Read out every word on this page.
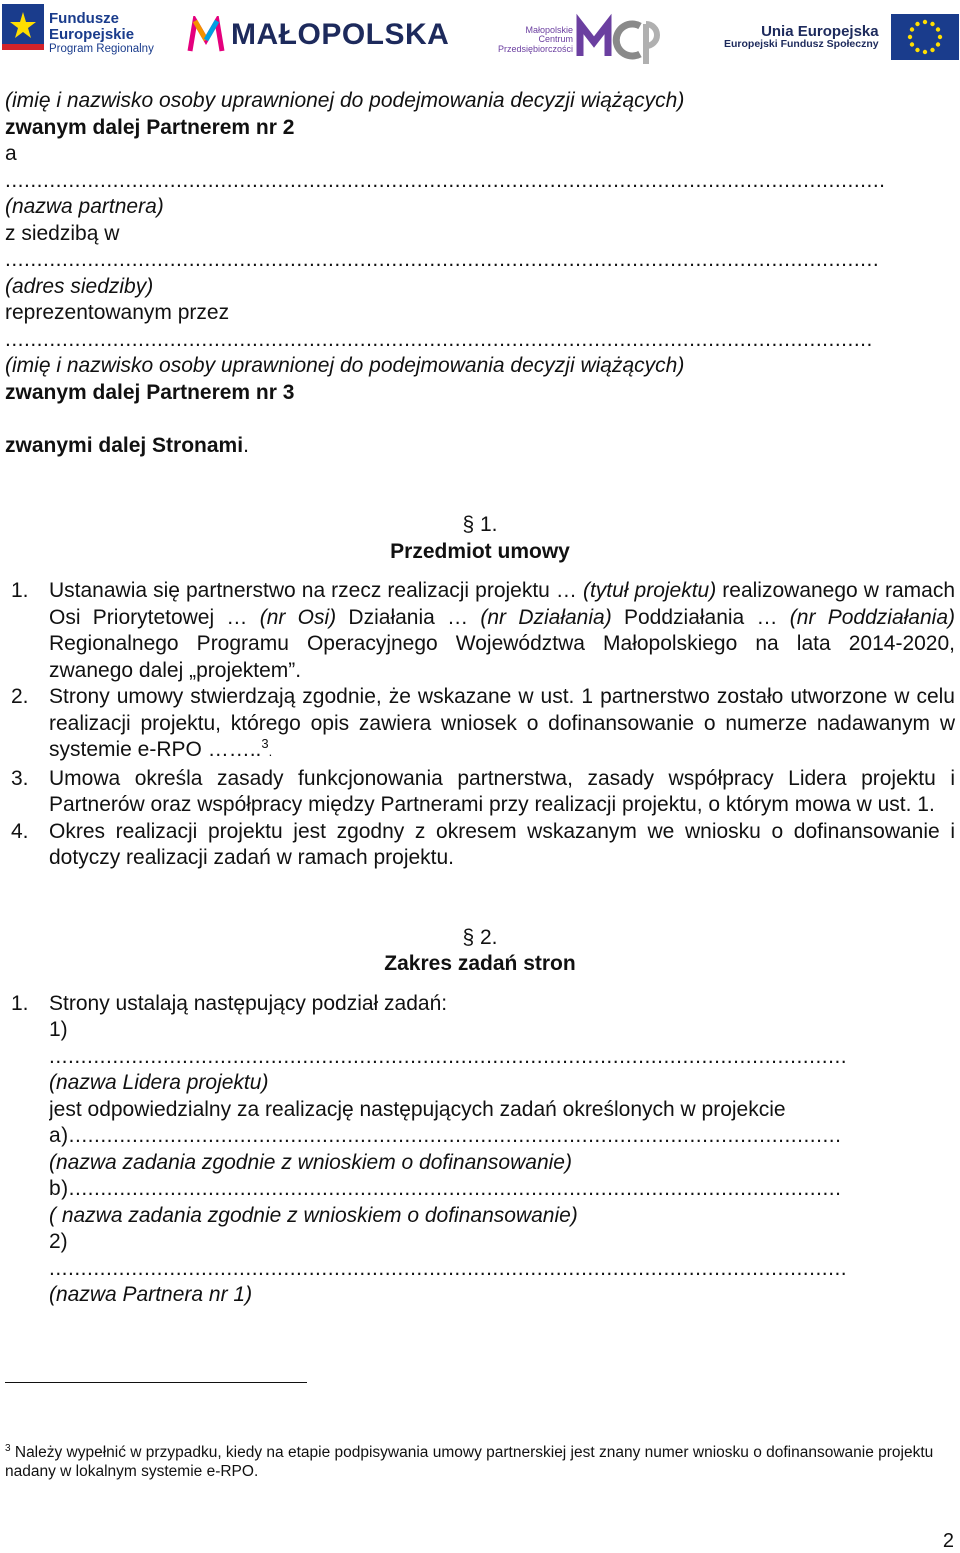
Fundusze
Europejskie
Program Regionalny	MAŁOPOLSKA	Małopolskie
Centrum
Przedsiębiorczości
Unia Europejska
Europejski Fundusz Społeczny
(imię i nazwisko osoby uprawnionej do podejmowania decyzji wiążących)
zwanym dalej Partnerem nr 2
a
...........................................................................................................................................
(nazwa partnera)
z siedzibą w
..........................................................................................................................................
(adres siedziby)
reprezentowanym przez
.........................................................................................................................................
(imię i nazwisko osoby uprawnionej do podejmowania decyzji wiążących)
zwanym dalej Partnerem nr 3
zwanymi dalej Stronami.
§ 1.
Przedmiot umowy
1. Ustanawia się partnerstwo na rzecz realizacji projektu … (tytuł projektu) realizowanego w ramach Osi Priorytetowej … (nr Osi) Działania … (nr Działania) Poddziałania … (nr Poddziałania) Regionalnego Programu Operacyjnego Województwa Małopolskiego na lata 2014-2020, zwanego dalej „projektem”.
2. Strony umowy stwierdzają zgodnie, że wskazane w ust. 1 partnerstwo zostało utworzone w celu realizacji projektu, którego opis zawiera wniosek o dofinansowanie o numerze nadawanym w systemie e-RPO ……..$^3$.
3. Umowa określa zasady funkcjonowania partnerstwa, zasady współpracy Lidera projektu i Partnerów oraz współpracy między Partnerami przy realizacji projektu, o którym mowa w ust. 1.
4. Okres realizacji projektu jest zgodny z okresem wskazanym we wniosku o dofinansowanie i dotyczy realizacji zadań w ramach projektu.
§ 2.
Zakres zadań stron
1. Strony ustalają następujący podział zadań:
1)
..............................................................................................................................
(nazwa Lidera projektu)
jest odpowiedzialny za realizację następujących zadań określonych w projekcie
a)..........................................................................................................................
(nazwa zadania zgodnie z wnioskiem o dofinansowanie)
b)..........................................................................................................................
( nazwa zadania zgodnie z wnioskiem o dofinansowanie)
2)
..............................................................................................................................
(nazwa Partnera nr 1)
$^3$ Należy wypełnić w przypadku, kiedy na etapie podpisywania umowy partnerskiej jest znany numer wniosku o dofinansowanie projektu nadany w lokalnym systemie e-RPO.
2
